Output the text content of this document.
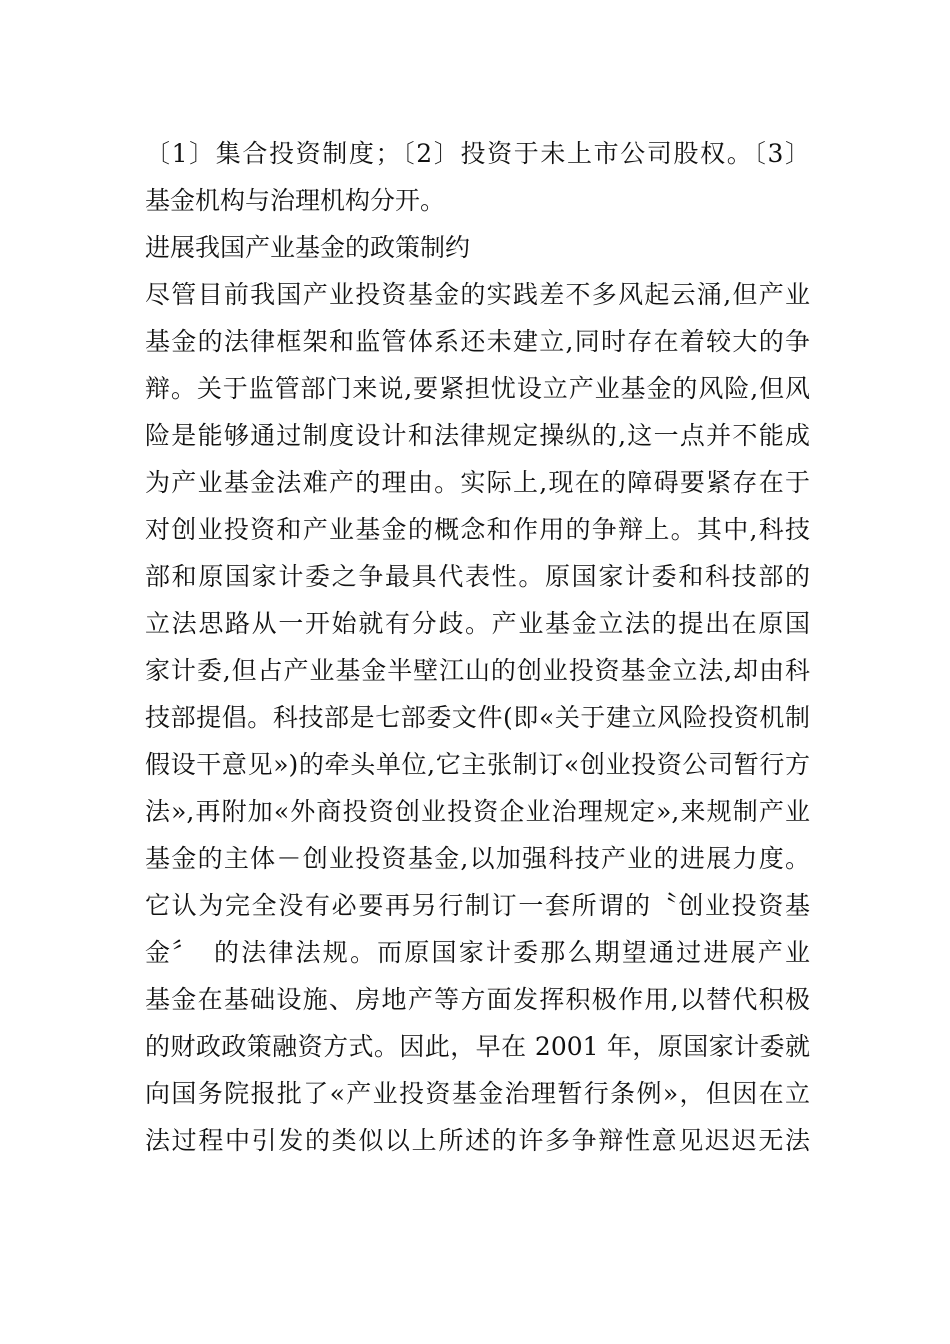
〔1〕集合投资制度；〔2〕投资于未上市公司股权。〔3〕
基金机构与治理机构分开。
进展我国产业基金的政策制约
尽管目前我国产业投资基金的实践差不多风起云涌,但产业
基金的法律框架和监管体系还未建立,同时存在着较大的争
辩。关于监管部门来说,要紧担忧设立产业基金的风险,但风
险是能够通过制度设计和法律规定操纵的,这一点并不能成
为产业基金法难产的理由。实际上,现在的障碍要紧存在于
对创业投资和产业基金的概念和作用的争辩上。其中,科技
部和原国家计委之争最具代表性。原国家计委和科技部的
立法思路从一开始就有分歧。产业基金立法的提出在原国
家计委,但占产业基金半壁江山的创业投资基金立法,却由科
技部提倡。科技部是七部委文件(即«关于建立风险投资机制
假设干意见»)的牵头单位,它主张制订«创业投资公司暂行方
法»,再附加«外商投资创业投资企业治理规定»,来规制产业
基金的主体－创业投资基金,以加强科技产业的进展力度。
它认为完全没有必要再另行制订一套所谓的〝创业投资基
金〞　的法律法规。而原国家计委那么期望通过进展产业
基金在基础设施、房地产等方面发挥积极作用,以替代积极
的财政政策融资方式。因此，早在 2001 年，原国家计委就
向国务院报批了«产业投资基金治理暂行条例»，但因在立
法过程中引发的类似以上所述的许多争辩性意见迟迟无法
